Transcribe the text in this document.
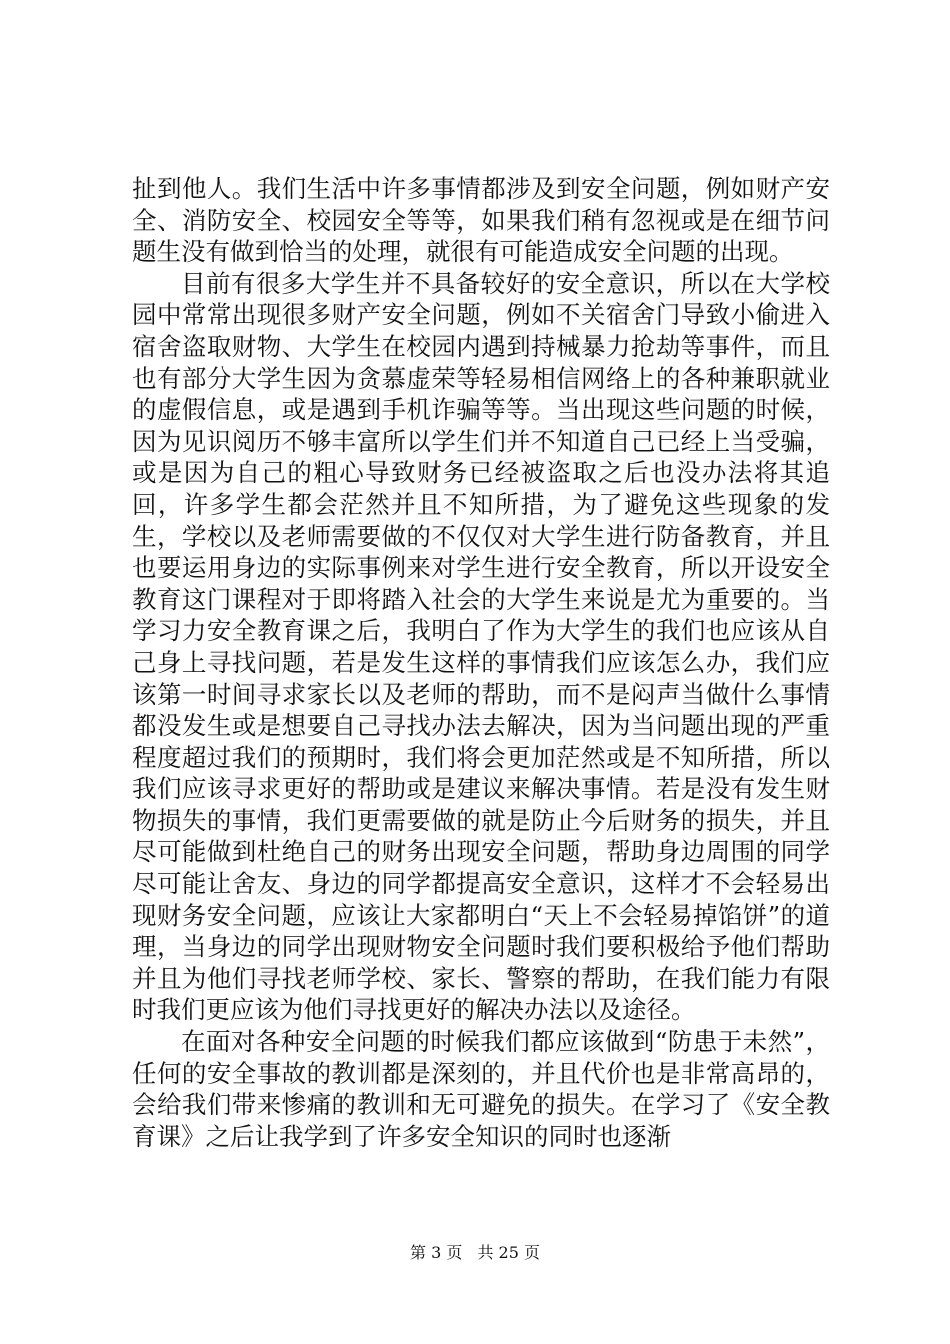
扯到他人。我们生活中许多事情都涉及到安全问题，例如财产安全、消防安全、校园安全等等，如果我们稍有忽视或是在细节问题生没有做到恰当的处理，就很有可能造成安全问题的出现。

目前有很多大学生并不具备较好的安全意识，所以在大学校园中常常出现很多财产安全问题，例如不关宿舍门导致小偷进入宿舍盗取财物、大学生在校园内遇到持械暴力抢劫等事件，而且也有部分大学生因为贪慕虚荣等轻易相信网络上的各种兼职就业的虚假信息，或是遇到手机诈骗等等。当出现这些问题的时候，因为见识阅历不够丰富所以学生们并不知道自己已经上当受骗，或是因为自己的粗心导致财务已经被盗取之后也没办法将其追回，许多学生都会茫然并且不知所措，为了避免这些现象的发生，学校以及老师需要做的不仅仅对大学生进行防备教育，并且也要运用身边的实际事例来对学生进行安全教育，所以开设安全教育这门课程对于即将踏入社会的大学生来说是尤为重要的。当学习力安全教育课之后，我明白了作为大学生的我们也应该从自己身上寻找问题，若是发生这样的事情我们应该怎么办，我们应该第一时间寻求家长以及老师的帮助，而不是闷声当做什么事情都没发生或是想要自己寻找办法去解决，因为当问题出现的严重程度超过我们的预期时，我们将会更加茫然或是不知所措，所以我们应该寻求更好的帮助或是建议来解决事情。若是没有发生财物损失的事情，我们更需要做的就是防止今后财务的损失，并且尽可能做到杜绝自己的财务出现安全问题，帮助身边周围的同学尽可能让舍友、身边的同学都提高安全意识，这样才不会轻易出现财务安全问题，应该让大家都明白“天上不会轻易掉馅饼”的道理，当身边的同学出现财物安全问题时我们要积极给予他们帮助并且为他们寻找老师学校、家长、警察的帮助，在我们能力有限时我们更应该为他们寻找更好的解决办法以及途径。

在面对各种安全问题的时候我们都应该做到“防患于未然”，任何的安全事故的教训都是深刻的，并且代价也是非常高昂的，会给我们带来惨痛的教训和无可避免的损失。在学习了《安全教育课》之后让我学到了许多安全知识的同时也逐渐

第 3 页 共 25 页
